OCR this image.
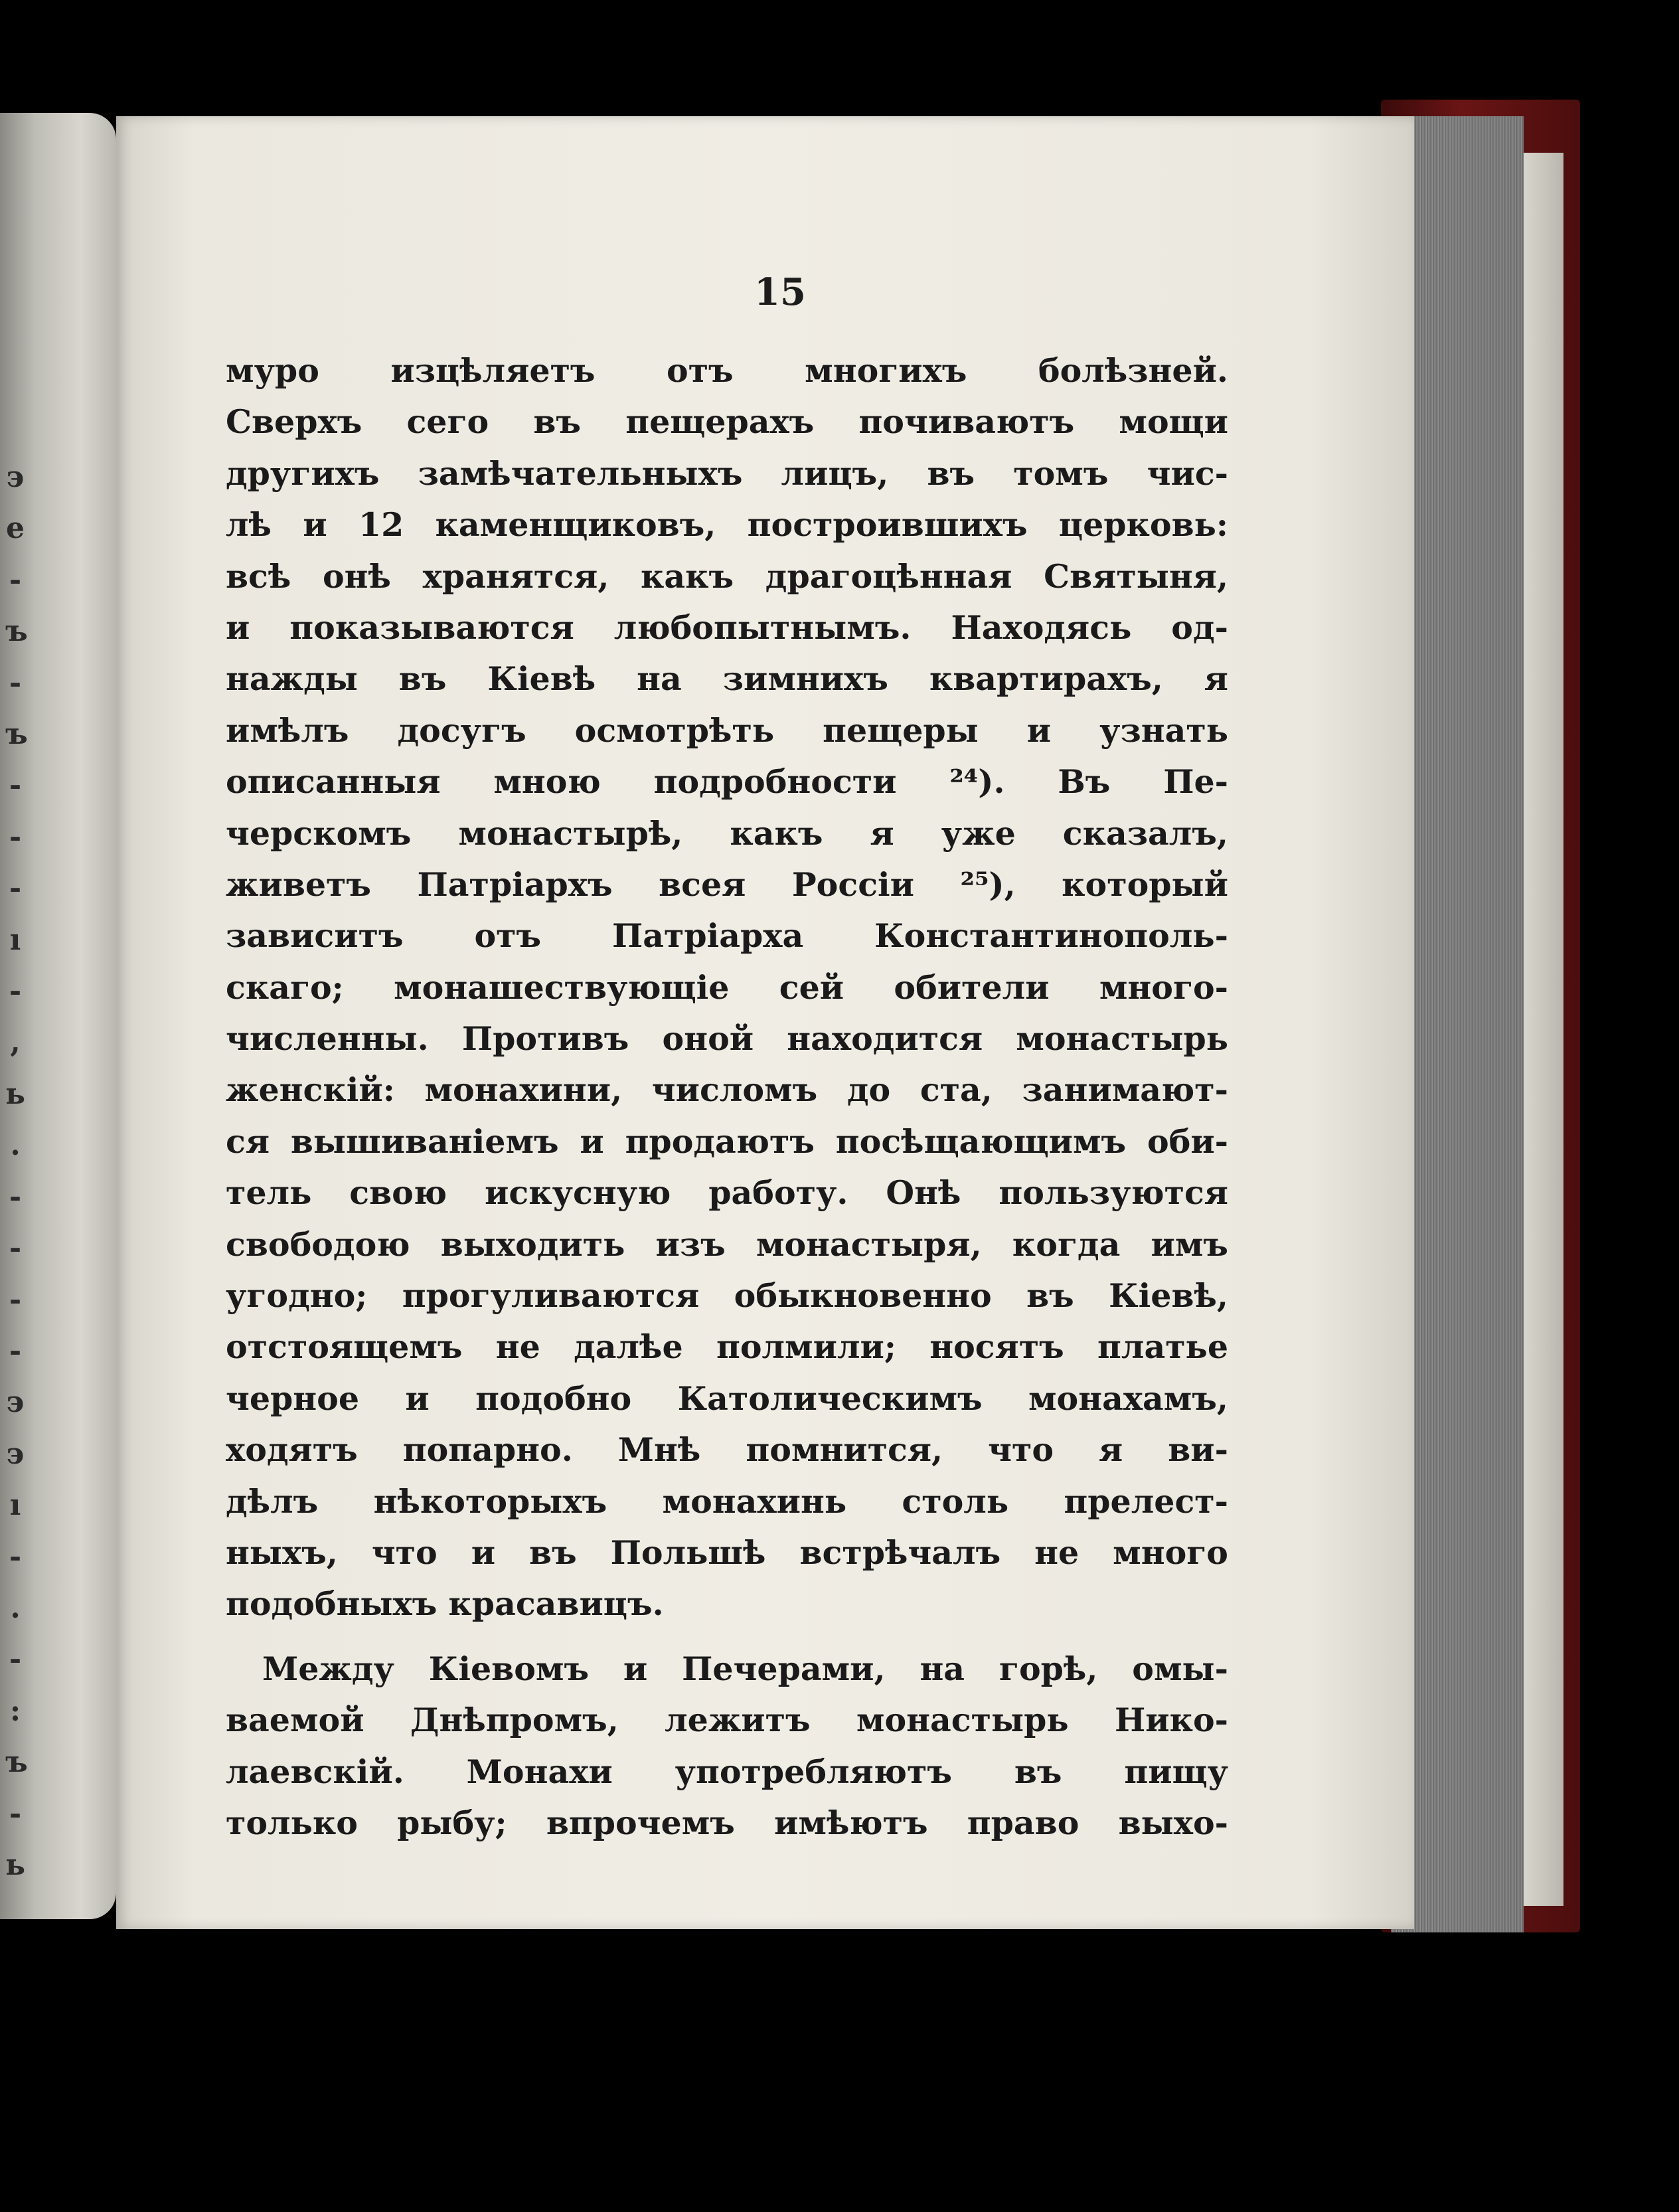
э
е
-
ъ
-
ъ
-
-
-
ı
-
,
ь
.
-
-
-
-
э
э
ı
-
.
-
:
ъ
-
ь
15
муро изцѣляетъ отъ многихъ болѣзней.
Сверхъ сего въ пещерахъ почиваютъ мощи
другихъ замѣчательныхъ лицъ, въ томъ чис-
лѣ и 12 каменщиковъ, построившихъ церковь:
всѣ онѣ хранятся, какъ драгоцѣнная Святыня,
и показываются любопытнымъ. Находясь од-
нажды въ Кіевѣ на зимнихъ квартирахъ, я
имѣлъ досугъ осмотрѣть пещеры и узнать
описанныя мною подробности ²⁴). Въ Пе-
черскомъ монастырѣ, какъ я уже сказалъ,
живетъ Патріархъ всея Россіи ²⁵), который
зависитъ отъ Патріарха Константинополь-
скаго; монашествующіе сей обители много-
численны. Противъ оной находится монастырь
женскій: монахини, числомъ до ста, занимают-
ся вышиваніемъ и продаютъ посѣщающимъ оби-
тель свою искусную работу. Онѣ пользуются
свободою выходить изъ монастыря, когда имъ
угодно; прогуливаются обыкновенно въ Кіевѣ,
отстоящемъ не далѣе полмили; носятъ платье
черное и подобно Католическимъ монахамъ,
ходятъ попарно. Мнѣ помнится, что я ви-
дѣлъ нѣкоторыхъ монахинь столь прелест-
ныхъ, что и въ Польшѣ встрѣчалъ не много
подобныхъ красавицъ.
Между Кіевомъ и Печерами, на горѣ, омы-
ваемой Днѣпромъ, лежитъ монастырь Нико-
лаевскій. Монахи употребляютъ въ пищу
только рыбу; впрочемъ имѣютъ право выхо-
